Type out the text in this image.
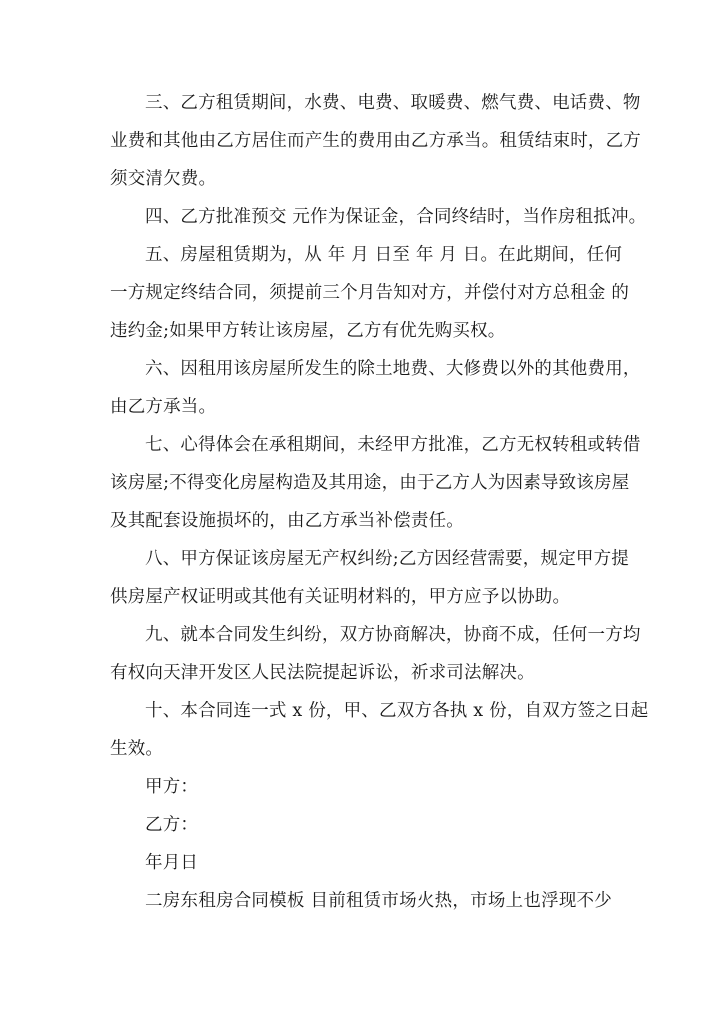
三、乙方租赁期间，水费、电费、取暖费、燃气费、电话费、物
业费和其他由乙方居住而产生的费用由乙方承当。租赁结束时，乙方
须交清欠费。
四、乙方批准预交 元作为保证金，合同终结时，当作房租抵冲。
五、房屋租赁期为，从 年 月 日至 年 月 日。在此期间，任何
一方规定终结合同，须提前三个月告知对方，并偿付对方总租金 的
违约金;如果甲方转让该房屋，乙方有优先购买权。
六、因租用该房屋所发生的除土地费、大修费以外的其他费用，
由乙方承当。
七、心得体会在承租期间，未经甲方批准，乙方无权转租或转借
该房屋;不得变化房屋构造及其用途，由于乙方人为因素导致该房屋
及其配套设施损坏的，由乙方承当补偿责任。
八、甲方保证该房屋无产权纠纷;乙方因经营需要，规定甲方提
供房屋产权证明或其他有关证明材料的，甲方应予以协助。
九、就本合同发生纠纷，双方协商解决，协商不成，任何一方均
有权向天津开发区人民法院提起诉讼，祈求司法解决。
十、本合同连一式 x 份，甲、乙双方各执 x 份，自双方签之日起
生效。
甲方：
乙方：
年月日
二房东租房合同模板 目前租赁市场火热，市场上也浮现不少
